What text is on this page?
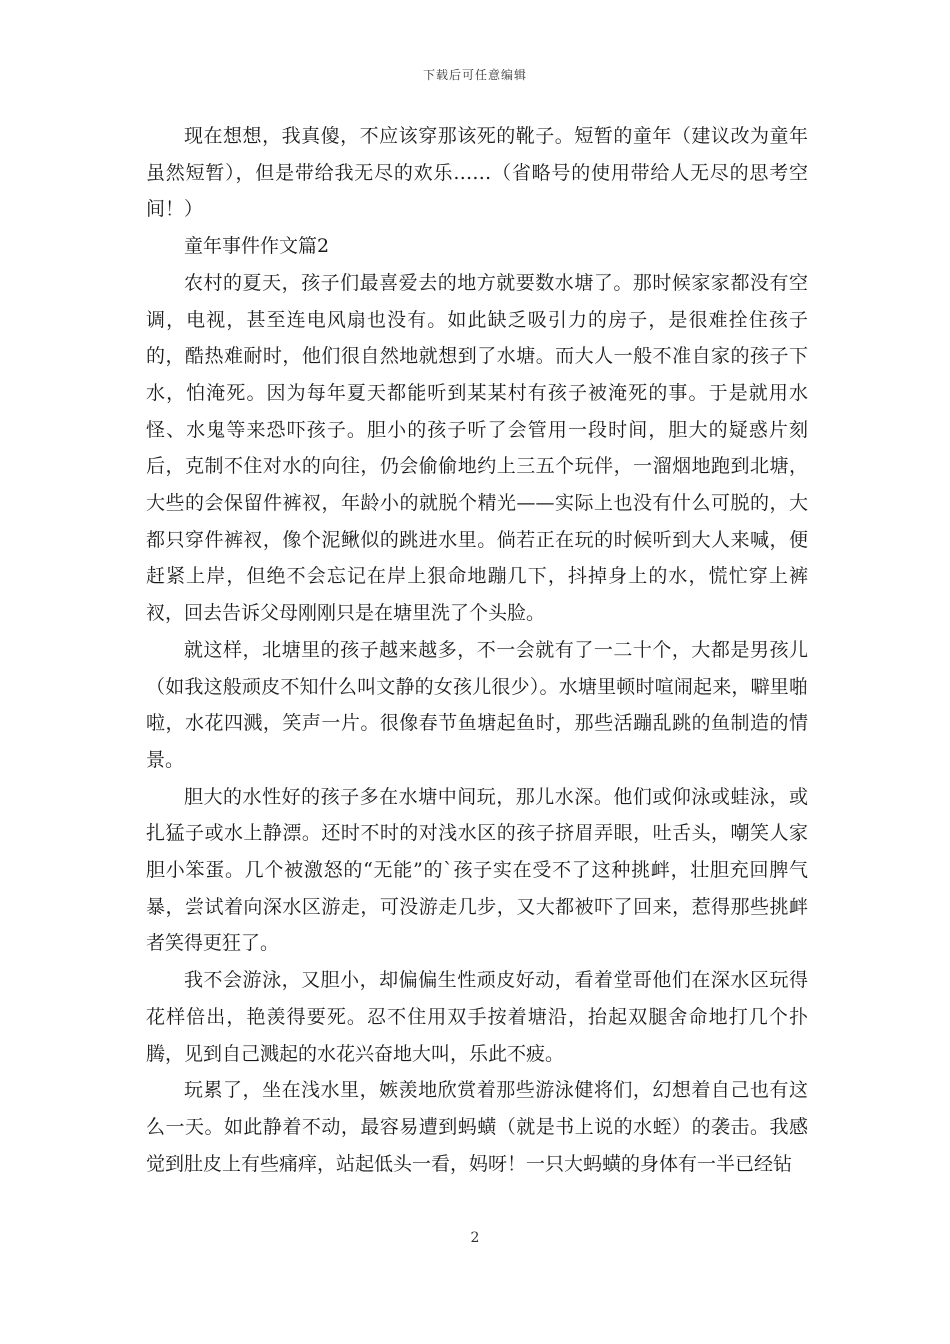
下载后可任意编辑

现在想想，我真傻，不应该穿那该死的靴子。短暂的童年（建议改为童年虽然短暂），但是带给我无尽的欢乐……（省略号的使用带给人无尽的思考空间！）

童年事件作文篇2

农村的夏天，孩子们最喜爱去的地方就要数水塘了。那时候家家都没有空调，电视，甚至连电风扇也没有。如此缺乏吸引力的房子，是很难拴住孩子的，酷热难耐时，他们很自然地就想到了水塘。而大人一般不准自家的孩子下水，怕淹死。因为每年夏天都能听到某某村有孩子被淹死的事。于是就用水怪、水鬼等来恐吓孩子。胆小的孩子听了会管用一段时间，胆大的疑惑片刻后，克制不住对水的向往，仍会偷偷地约上三五个玩伴，一溜烟地跑到北塘，大些的会保留件裤衩，年龄小的就脱个精光——实际上也没有什么可脱的，大都只穿件裤衩，像个泥鳅似的跳进水里。倘若正在玩的时候听到大人来喊，便赶紧上岸，但绝不会忘记在岸上狠命地蹦几下，抖掉身上的水，慌忙穿上裤衩，回去告诉父母刚刚只是在塘里洗了个头脸。

就这样，北塘里的孩子越来越多，不一会就有了一二十个，大都是男孩儿（如我这般顽皮不知什么叫文静的女孩儿很少）。水塘里顿时喧闹起来，噼里啪啦，水花四溅，笑声一片。很像春节鱼塘起鱼时，那些活蹦乱跳的鱼制造的情景。

胆大的水性好的孩子多在水塘中间玩，那儿水深。他们或仰泳或蛙泳，或扎猛子或水上静漂。还时不时的对浅水区的孩子挤眉弄眼，吐舌头，嘲笑人家胆小笨蛋。几个被激怒的“无能”的`孩子实在受不了这种挑衅，壮胆充回脾气暴，尝试着向深水区游走，可没游走几步，又大都被吓了回来，惹得那些挑衅者笑得更狂了。

我不会游泳，又胆小，却偏偏生性顽皮好动，看着堂哥他们在深水区玩得花样倍出，艳羡得要死。忍不住用双手按着塘沿，抬起双腿舍命地打几个扑腾，见到自己溅起的水花兴奋地大叫，乐此不疲。

玩累了，坐在浅水里，嫉羡地欣赏着那些游泳健将们，幻想着自己也有这么一天。如此静着不动，最容易遭到蚂蟥（就是书上说的水蛭）的袭击。我感觉到肚皮上有些痛痒，站起低头一看，妈呀！一只大蚂蟥的身体有一半已经钻

2
